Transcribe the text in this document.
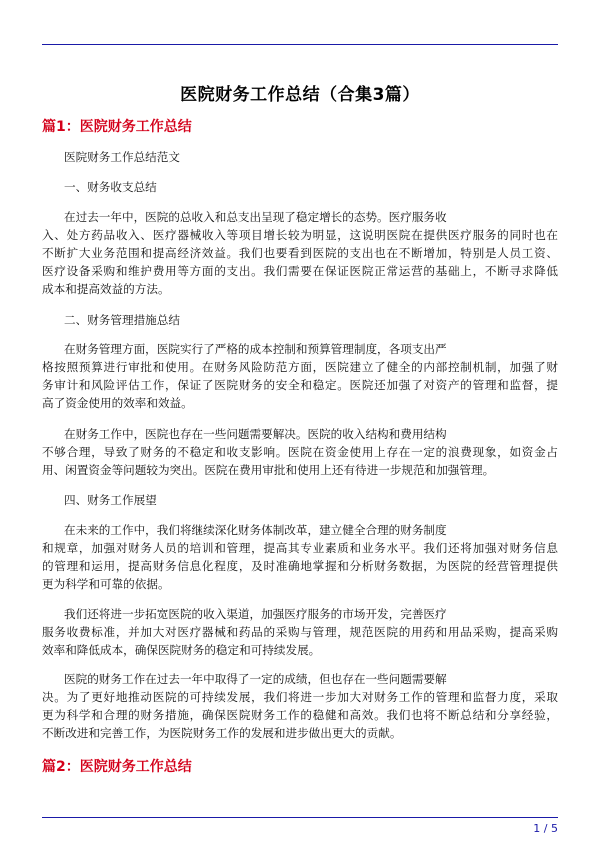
医院财务工作总结（合集3篇）
篇1：医院财务工作总结
医院财务工作总结范文
一、财务收支总结
在过去一年中，医院的总收入和总支出呈现了稳定增长的态势。医疗服务收
入、处方药品收入、医疗器械收入等项目增长较为明显，这说明医院在提供医疗服务的同时也在
不断扩大业务范围和提高经济效益。我们也要看到医院的支出也在不断增加，特别是人员工资、
医疗设备采购和维护费用等方面的支出。我们需要在保证医院正常运营的基础上，不断寻求降低
成本和提高效益的方法。
二、财务管理措施总结
在财务管理方面，医院实行了严格的成本控制和预算管理制度，各项支出严
格按照预算进行审批和使用。在财务风险防范方面，医院建立了健全的内部控制机制，加强了财
务审计和风险评估工作，保证了医院财务的安全和稳定。医院还加强了对资产的管理和监督，提
高了资金使用的效率和效益。
在财务工作中，医院也存在一些问题需要解决。医院的收入结构和费用结构
不够合理，导致了财务的不稳定和收支影响。医院在资金使用上存在一定的浪费现象，如资金占
用、闲置资金等问题较为突出。医院在费用审批和使用上还有待进一步规范和加强管理。
四、财务工作展望
在未来的工作中，我们将继续深化财务体制改革，建立健全合理的财务制度
和规章，加强对财务人员的培训和管理，提高其专业素质和业务水平。我们还将加强对财务信息
的管理和运用，提高财务信息化程度，及时准确地掌握和分析财务数据，为医院的经营管理提供
更为科学和可靠的依据。
我们还将进一步拓宽医院的收入渠道，加强医疗服务的市场开发，完善医疗
服务收费标准，并加大对医疗器械和药品的采购与管理，规范医院的用药和用品采购，提高采购
效率和降低成本，确保医院财务的稳定和可持续发展。
医院的财务工作在过去一年中取得了一定的成绩，但也存在一些问题需要解
决。为了更好地推动医院的可持续发展，我们将进一步加大对财务工作的管理和监督力度，采取
更为科学和合理的财务措施，确保医院财务工作的稳健和高效。我们也将不断总结和分享经验，
不断改进和完善工作，为医院财务工作的发展和进步做出更大的贡献。
篇2：医院财务工作总结
1 / 5
